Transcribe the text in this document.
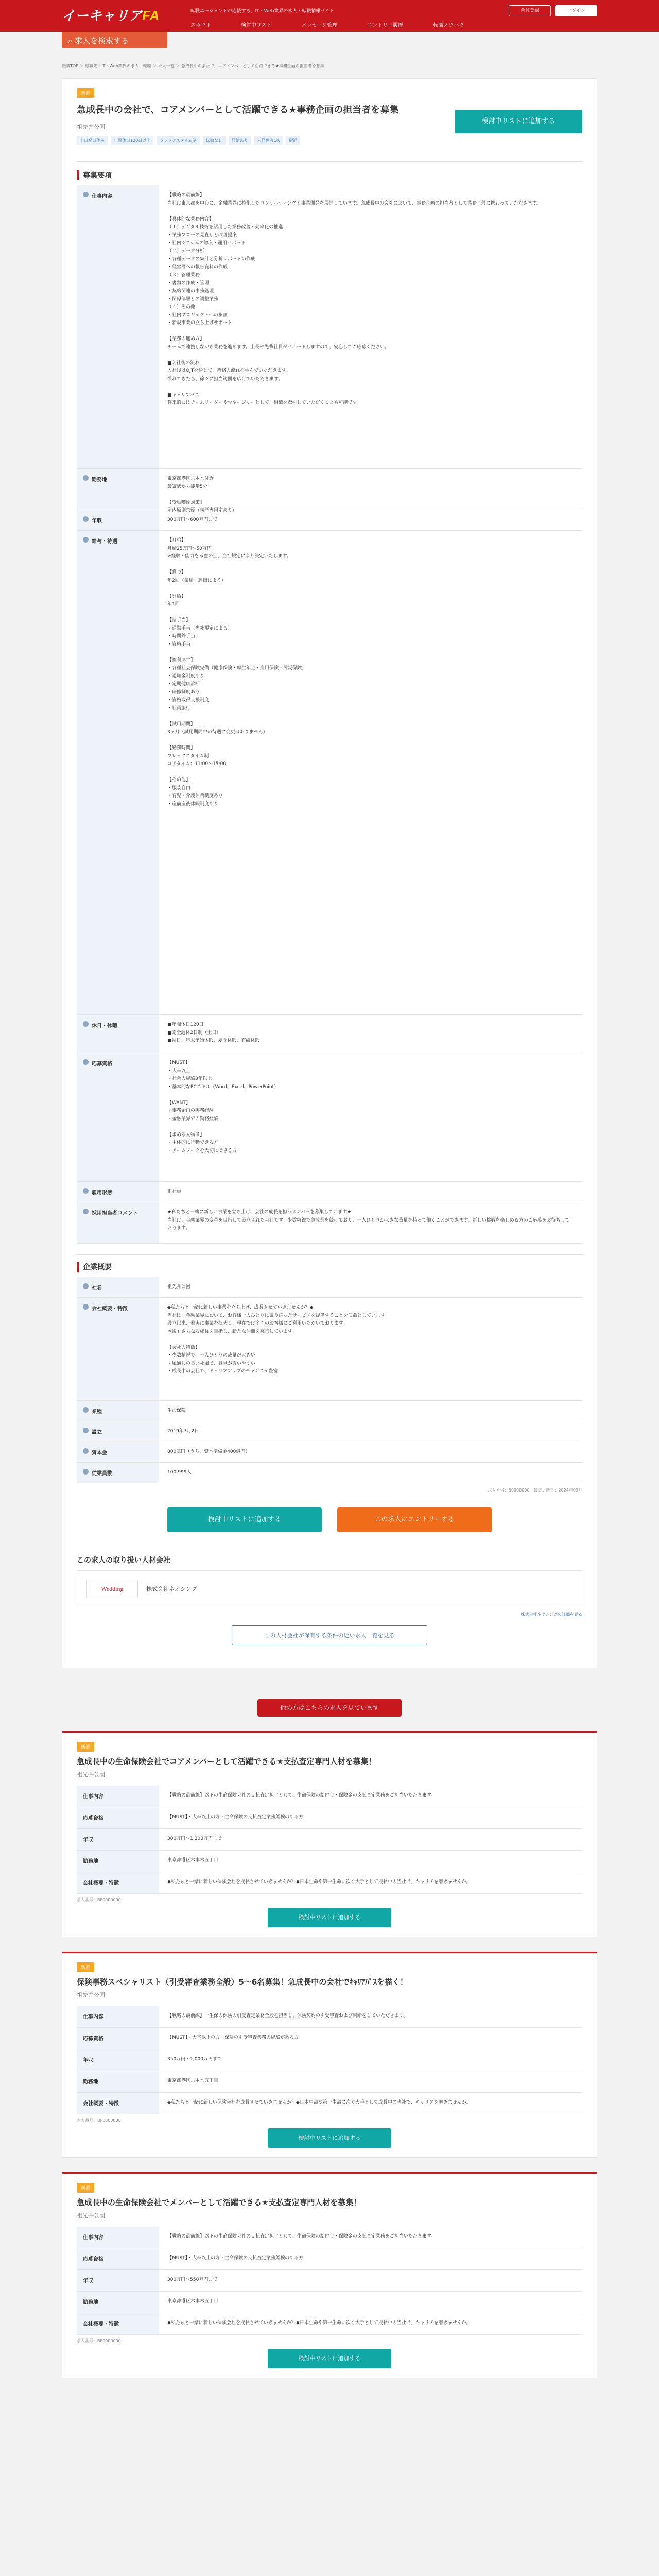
イーキャリアFA	転職エージェントが応援する、IT・Web業界の求人・転職情報サイト
スカウト	検討中リスト	メッセージ管理	エントリー履歴	転職ノウハウ
会員登録	ログイン
⌕ 求人を検索する
転職TOP ＞ 転職先・IT・Web業界の求人・転職 ＞ 求人一覧 ＞ 急成長中の会社で、コアメンバーとして活躍できる★事務企画の担当者を募集
新着
急成長中の会社で、コアメンバーとして活躍できる★事務企画の担当者を募集
祖先井公園
土日祝日休み	年間休日120日以上	フレックスタイム制	転勤なし	昇給あり	未経験者OK	駅近
検討中リストに追加する
募集要項
仕事内容	【戦略の最前線】
当社は東京都を中心に、金融業界に特化したコンサルティングと事業開発を展開しています。急成長中の会社において、事務企画の担当者として業務全般に携わっていただきます。

【具体的な業務内容】
（１）デジタル技術を活用した業務改善・効率化の推進
・業務フローの見直しと改善提案
・社内システムの導入・運用サポート
（２）データ分析
・各種データの集計と分析レポートの作成
・経営層への報告資料の作成
（３）管理業務
・書類の作成・管理
・契約関連の事務処理
・関係部署との調整業務
（４）その他
・社内プロジェクトへの参画
・新規事業の立ち上げサポート

【業務の進め方】
チームで連携しながら業務を進めます。上長や先輩社員がサポートしますので、安心してご応募ください。

■入社後の流れ
入社後はOJTを通じて、業務の流れを学んでいただきます。
慣れてきたら、徐々に担当範囲を広げていただきます。

■キャリアパス
将来的にはチームリーダーやマネージャーとして、組織を牽引していただくことも可能です。
勤務地	東京都港区六本木付近
最寄駅から徒歩5分

【受動喫煙対策】
屋内原則禁煙（喫煙専用室あり）
年収	300万円～600万円まで
給与・待遇	【月給】
月給25万円～50万円
※経験・能力を考慮の上、当社規定により決定いたします。

【賞与】
年2回（業績・評価による）

【昇給】
年1回

【諸手当】
・通勤手当（当社規定による）
・時間外手当
・資格手当

【福利厚生】
・各種社会保険完備（健康保険・厚生年金・雇用保険・労災保険）
・退職金制度あり
・定期健康診断
・研修制度あり
・資格取得支援制度
・社員旅行

【試用期間】
3ヶ月（試用期間中の待遇に変更はありません）

【勤務時間】
フレックスタイム制
コアタイム：11:00～15:00

【その他】
・服装自由
・育児・介護休業制度あり
・産前産後休暇制度あり
休日・休暇	■年間休日120日
■完全週休2日制（土日）
■祝日、年末年始休暇、夏季休暇、有給休暇
応募資格	【MUST】
・大卒以上
・社会人経験3年以上
・基本的なPCスキル（Word、Excel、PowerPoint）

【WANT】
・事務企画の実務経験
・金融業界での勤務経験

【求める人物像】
・主体的に行動できる方
・チームワークを大切にできる方
雇用形態	正社員
採用担当者コメント	★私たちと一緒に新しい事業を立ち上げ、会社の成長を担うメンバーを募集しています★
当社は、金融業界の変革を目指して設立された会社です。少数精鋭で急成長を続けており、一人ひとりが大きな裁量を持って働くことができます。新しい挑戦を楽しめる方のご応募をお待ちしております。
企業概要
社名	祖先井公園
会社概要・特徴	◆私たちと一緒に新しい事業を立ち上げ、成長させていきませんか？◆
当社は、金融業界において、お客様一人ひとりに寄り添ったサービスを提供することを使命としています。
設立以来、着実に事業を拡大し、現在では多くのお客様にご利用いただいております。
今後もさらなる成長を目指し、新たな仲間を募集しています。

【会社の特徴】
・少数精鋭で、一人ひとりの裁量が大きい
・風通しの良い社風で、意見が言いやすい
・成長中の会社で、キャリアアップのチャンスが豊富
業種	生命保険
設立	2019年7月2日
資本金	800億円（うち、資本準備金400億円）
従業員数	100-999人
求人番号：B0000000　最終更新日：2024年09月
検討中リストに追加する	この求人にエントリーする
この求人の取り扱い人材会社
Wedding	株式会社ネオシング
株式会社ネオシングの詳細を見る
この人材会社が保有する条件の近い求人一覧を見る
他の方はこちらの求人を見ています
新着
急成長中の生命保険会社でコアメンバーとして活躍できる★支払査定専門人材を募集！
祖先井公園
仕事内容	【戦略の最前線】以下の生命保険会社の支払査定担当として、生命保険の給付金・保険金の支払査定業務をご担当いただきます。
応募資格	【MUST】・大卒以上の方・生命保険の支払査定業務経験のある方
年収	300万円～1,200万円まで
勤務地	東京都港区六本木五丁目
会社概要・特徴	◆私たちと一緒に新しい保険会社を成長させていきませんか？◆日本生命や第一生命に次ぐ大手として成長中の当社で、キャリアを磨きませんか。
求人番号：BF0000000
検討中リストに追加する
新着
保険事務スペシャリスト（引受審査業務全般）5～6名募集！急成長中の会社でｷｬﾘｱﾊﾟｽを描く！
祖先井公園
仕事内容	【戦略の最前線】一生保の保険の引受査定業務全般を担当し、保険契約の引受審査および判断をしていただきます。
応募資格	【MUST】・大卒以上の方・保険の引受審査業務の経験がある方
年収	350万円～1,000万円まで
勤務地	東京都港区六本木五丁目
会社概要・特徴	◆私たちと一緒に新しい保険会社を成長させていきませんか？◆日本生命や第一生命に次ぐ大手として成長中の当社で、キャリアを磨きませんか。
求人番号：BF0000000
検討中リストに追加する
新着
急成長中の生命保険会社でメンバーとして活躍できる★支払査定専門人材を募集！
祖先井公園
仕事内容	【戦略の最前線】以下の生命保険会社の支払査定担当として、生命保険の給付金・保険金の支払査定業務をご担当いただきます。
応募資格	【MUST】・大卒以上の方・生命保険の支払査定業務経験のある方
年収	300万円～550万円まで
勤務地	東京都港区六本木五丁目
会社概要・特徴	◆私たちと一緒に新しい保険会社を成長させていきませんか？◆日本生命や第一生命に次ぐ大手として成長中の当社で、キャリアを磨きませんか。
求人番号：BF0000000
検討中リストに追加する
